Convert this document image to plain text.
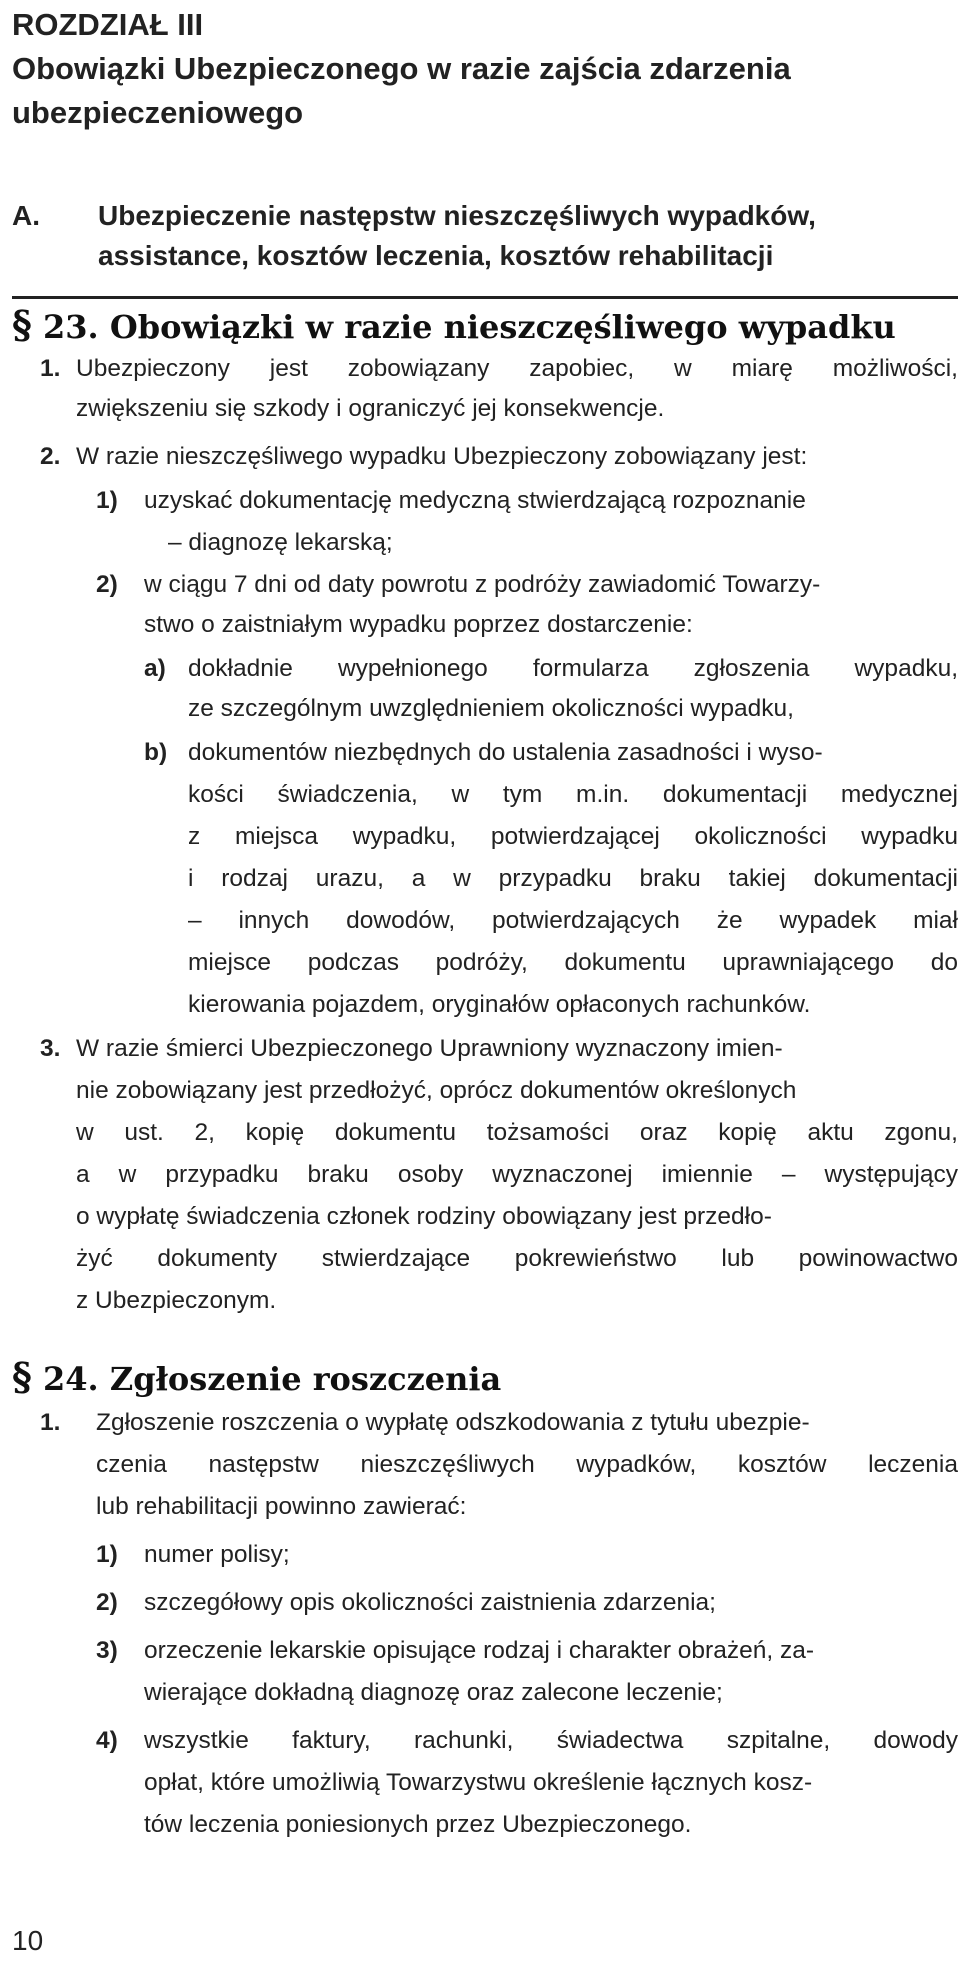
ROZDZIAŁ III
Obowiązki Ubezpieczonego w razie zajścia zdarzenia
ubezpieczeniowego
A. Ubezpieczenie następstw nieszczęśliwych wypadków,
assistance, kosztów leczenia, kosztów rehabilitacji
§ 23. Obowiązki w razie nieszczęśliwego wypadku
1. Ubezpieczony jest zobowiązany zapobiec, w miarę możliwości,
zwiększeniu się szkody i ograniczyć jej konsekwencje.
2. W razie nieszczęśliwego wypadku Ubezpieczony zobowiązany jest:
1) uzyskać dokumentację medyczną stwierdzającą rozpoznanie
– diagnozę lekarską;
2) w ciągu 7 dni od daty powrotu z podróży zawiadomić Towarzy-
stwo o zaistniałym wypadku poprzez dostarczenie:
a) dokładnie wypełnionego formularza zgłoszenia wypadku,
ze szczególnym uwzględnieniem okoliczności wypadku,
b) dokumentów niezbędnych do ustalenia zasadności i wyso-
kości świadczenia, w tym m.in. dokumentacji medycznej
z miejsca wypadku, potwierdzającej okoliczności wypadku
i rodzaj urazu, a w przypadku braku takiej dokumentacji
– innych dowodów, potwierdzających że wypadek miał
miejsce podczas podróży, dokumentu uprawniającego do
kierowania pojazdem, oryginałów opłaconych rachunków.
3. W razie śmierci Ubezpieczonego Uprawniony wyznaczony imien-
nie zobowiązany jest przedłożyć, oprócz dokumentów określonych
w ust. 2, kopię dokumentu tożsamości oraz kopię aktu zgonu,
a w przypadku braku osoby wyznaczonej imiennie – występujący
o wypłatę świadczenia członek rodziny obowiązany jest przedło-
żyć dokumenty stwierdzające pokrewieństwo lub powinowactwo
z Ubezpieczonym.
§ 24. Zgłoszenie roszczenia
1. Zgłoszenie roszczenia o wypłatę odszkodowania z tytułu ubezpie-
czenia następstw nieszczęśliwych wypadków, kosztów leczenia
lub rehabilitacji powinno zawierać:
1) numer polisy;
2) szczegółowy opis okoliczności zaistnienia zdarzenia;
3) orzeczenie lekarskie opisujące rodzaj i charakter obrażeń, za-
wierające dokładną diagnozę oraz zalecone leczenie;
4) wszystkie faktury, rachunki, świadectwa szpitalne, dowody
opłat, które umożliwią Towarzystwu określenie łącznych kosz-
tów leczenia poniesionych przez Ubezpieczonego.
10
